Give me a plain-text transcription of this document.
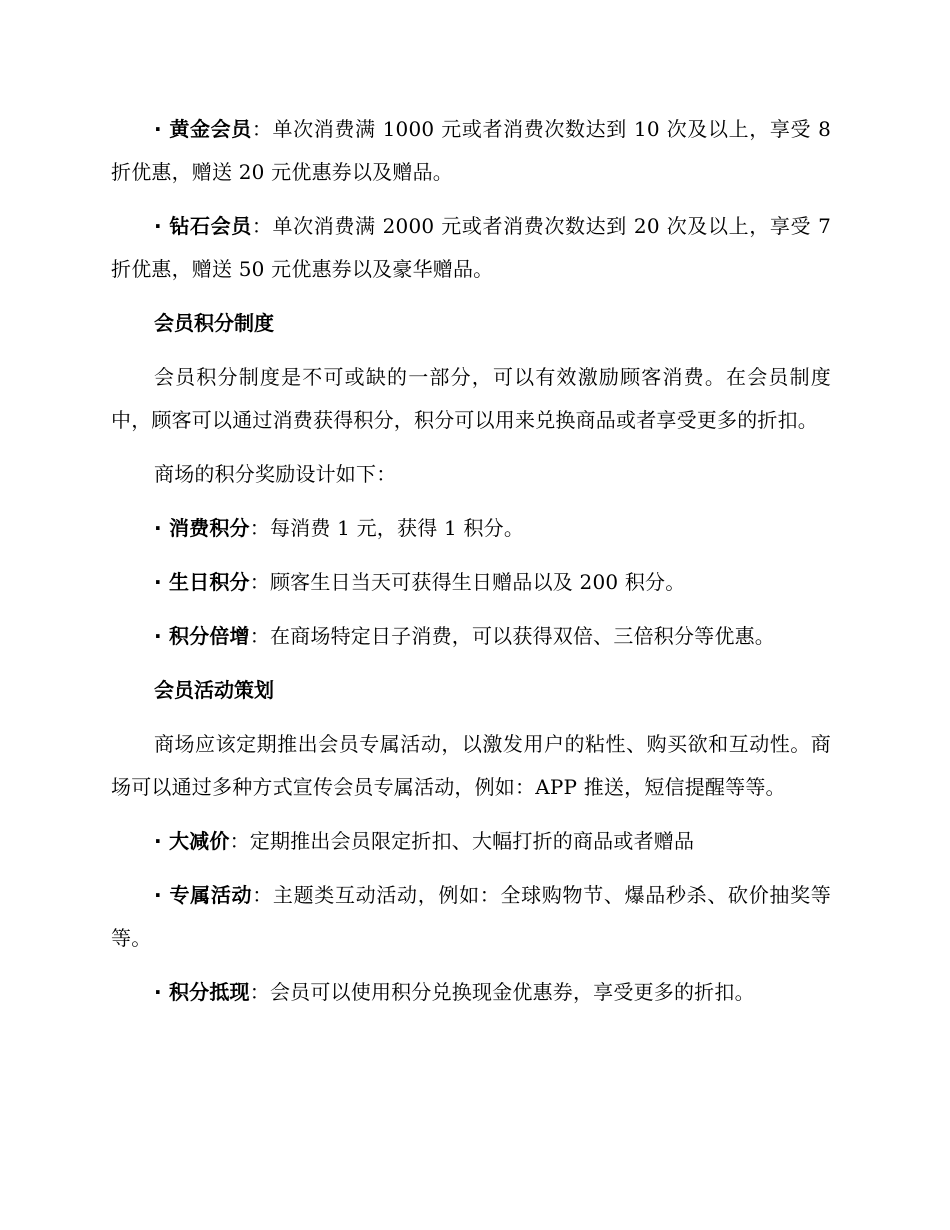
· 黄金会员：单次消费满 1000 元或者消费次数达到 10 次及以上，享受 8 折优惠，赠送 20 元优惠券以及赠品。

· 钻石会员：单次消费满 2000 元或者消费次数达到 20 次及以上，享受 7 折优惠，赠送 50 元优惠券以及豪华赠品。

会员积分制度

会员积分制度是不可或缺的一部分，可以有效激励顾客消费。在会员制度中，顾客可以通过消费获得积分，积分可以用来兑换商品或者享受更多的折扣。

商场的积分奖励设计如下：

· 消费积分：每消费 1 元，获得 1 积分。

· 生日积分：顾客生日当天可获得生日赠品以及 200 积分。

· 积分倍增：在商场特定日子消费，可以获得双倍、三倍积分等优惠。

会员活动策划

商场应该定期推出会员专属活动，以激发用户的粘性、购买欲和互动性。商场可以通过多种方式宣传会员专属活动，例如：APP 推送，短信提醒等等。

· 大减价：定期推出会员限定折扣、大幅打折的商品或者赠品

· 专属活动：主题类互动活动，例如：全球购物节、爆品秒杀、砍价抽奖等等。

· 积分抵现：会员可以使用积分兑换现金优惠券，享受更多的折扣。
